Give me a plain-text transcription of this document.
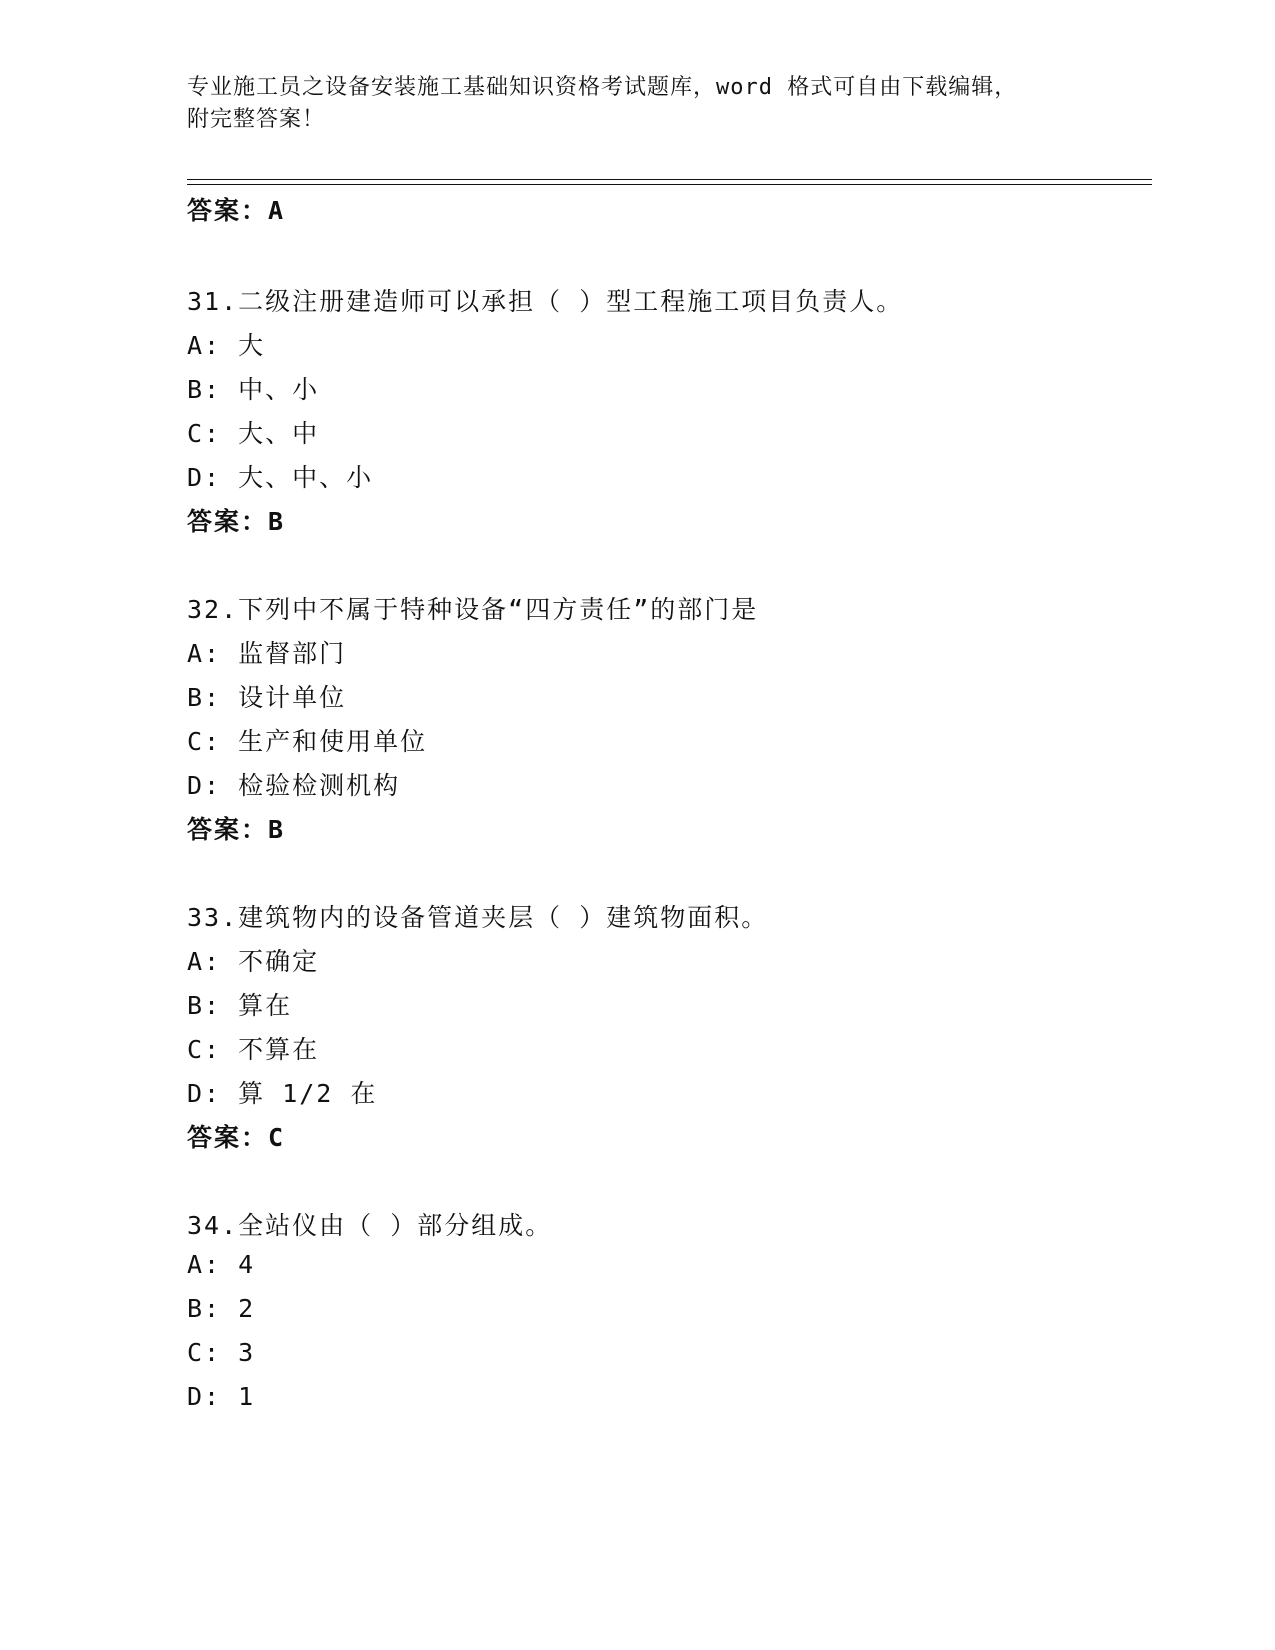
专业施工员之设备安装施工基础知识资格考试题库，word 格式可自由下载编辑，
附完整答案！
答案：A
31.二级注册建造师可以承担（ ）型工程施工项目负责人。
A: 大
B: 中、小
C: 大、中
D: 大、中、小
答案：B
32.下列中不属于特种设备“四方责任”的部门是
A: 监督部门
B: 设计单位
C: 生产和使用单位
D: 检验检测机构
答案：B
33.建筑物内的设备管道夹层（ ）建筑物面积。
A: 不确定
B: 算在
C: 不算在
D: 算 1/2 在
答案：C
34.全站仪由（ ）部分组成。
A: 4
B: 2
C: 3
D: 1
